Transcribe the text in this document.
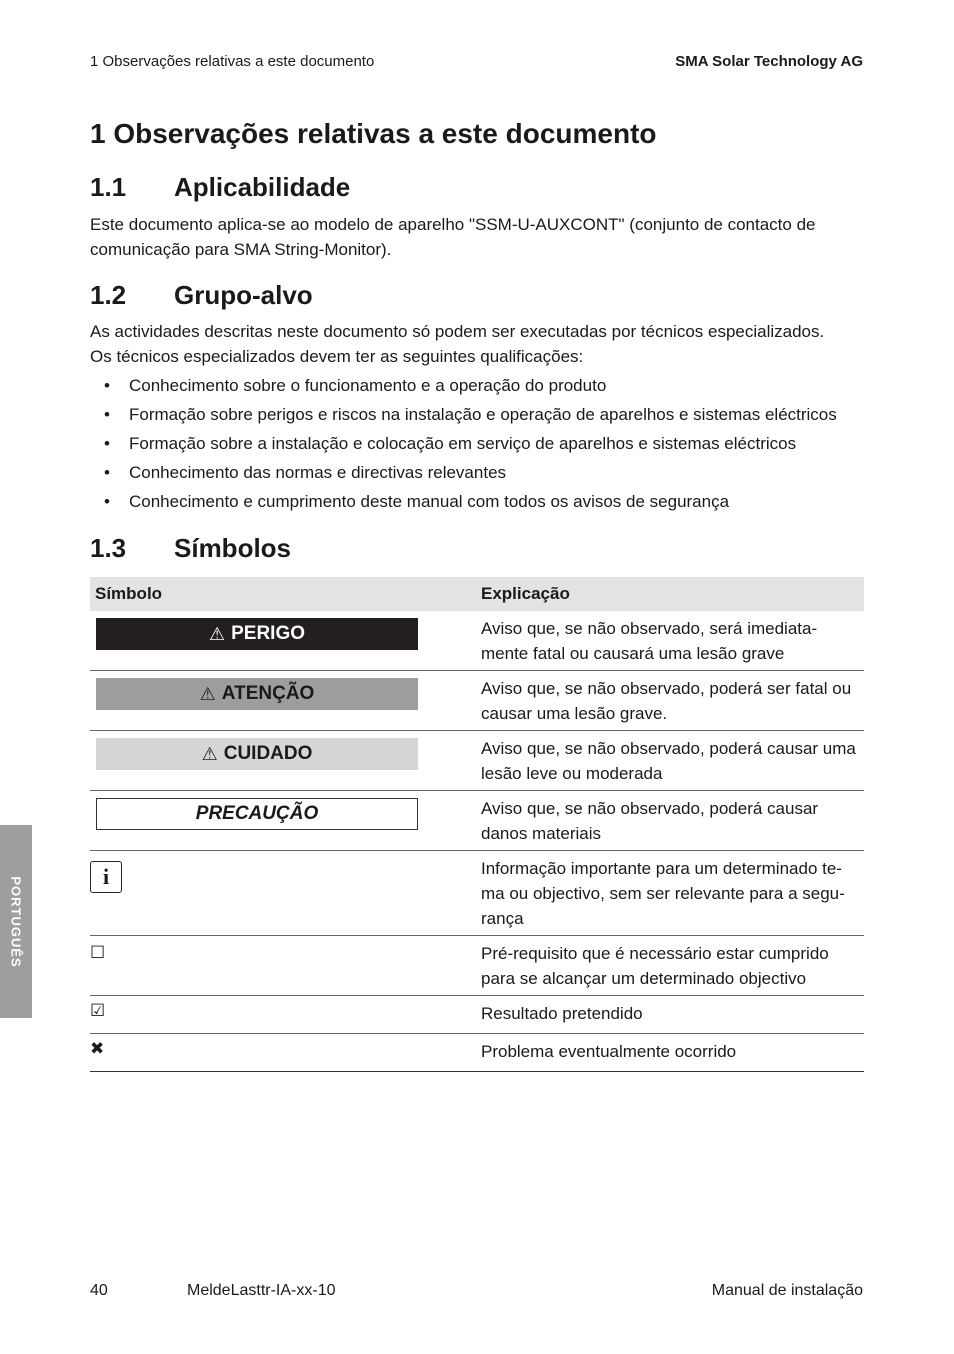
1 Observações relativas a este documento	SMA Solar Technology AG
1 Observações relativas a este documento
1.1 Aplicabilidade
Este documento aplica-se ao modelo de aparelho "SSM-U-AUXCONT" (conjunto de contacto de comunicação para SMA String-Monitor).
1.2 Grupo-alvo
As actividades descritas neste documento só podem ser executadas por técnicos especializados.
Os técnicos especializados devem ter as seguintes qualificações:
• Conhecimento sobre o funcionamento e a operação do produto
• Formação sobre perigos e riscos na instalação e operação de aparelhos e sistemas eléctricos
• Formação sobre a instalação e colocação em serviço de aparelhos e sistemas eléctricos
• Conhecimento das normas e directivas relevantes
• Conhecimento e cumprimento deste manual com todos os avisos de segurança
1.3 Símbolos
Símbolo	Explicação

⚠ PERIGO	Aviso que, se não observado, será imediata-mente fatal ou causará uma lesão grave

⚠ ATENÇÃO	Aviso que, se não observado, poderá ser fatal ou causar uma lesão grave.

⚠ CUIDADO	Aviso que, se não observado, poderá causar uma lesão leve ou moderada

PRECAUÇÃO	Aviso que, se não observado, poderá causar danos materiais

i	Informação importante para um determinado te-ma ou objectivo, sem ser relevante para a segu-rança

☐	Pré-requisito que é necessário estar cumprido para se alcançar um determinado objectivo

☑	Resultado pretendido

✖	Problema eventualmente ocorrido
PORTUGUÊS
40	MeldeLasttr-IA-xx-10	Manual de instalação
